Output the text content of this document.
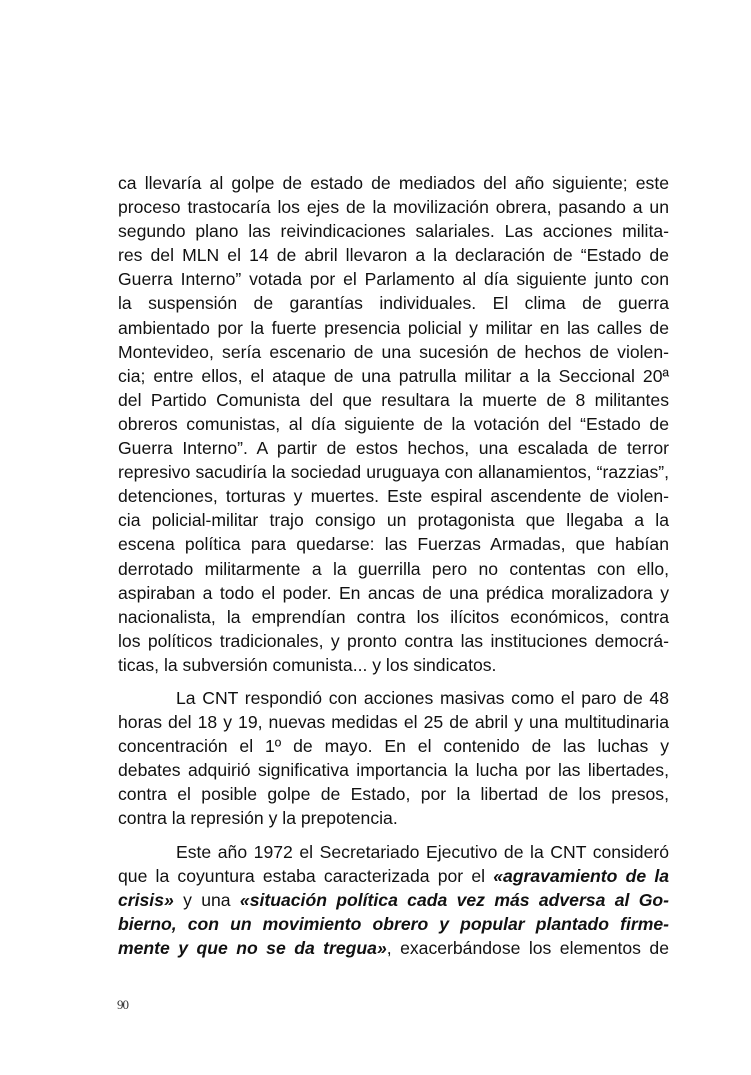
ca llevaría al golpe de estado de mediados del año siguiente; este
proceso trastocaría los ejes de la movilización obrera, pasando a un
segundo plano las reivindicaciones salariales. Las acciones milita-
res del MLN el 14 de abril llevaron a la declaración de “Estado de
Guerra Interno” votada por el Parlamento al día siguiente junto con
la suspensión de garantías individuales. El clima de guerra
ambientado por la fuerte presencia policial y militar en las calles de
Montevideo, sería escenario de una sucesión de hechos de violen-
cia; entre ellos, el ataque de una patrulla militar a la Seccional 20ª
del Partido Comunista del que resultara la muerte de 8 militantes
obreros comunistas, al día siguiente de la votación del “Estado de
Guerra Interno”. A partir de estos hechos, una escalada de terror
represivo sacudiría la sociedad uruguaya con allanamientos, “razzias”,
detenciones, torturas y muertes. Este espiral ascendente de violen-
cia policial-militar trajo consigo un protagonista que llegaba a la
escena política para quedarse: las Fuerzas Armadas, que habían
derrotado militarmente a la guerrilla pero no contentas con ello,
aspiraban a todo el poder. En ancas de una prédica moralizadora y
nacionalista, la emprendían contra los ilícitos económicos, contra
los políticos tradicionales, y pronto contra las instituciones democrá-
ticas, la subversión comunista... y los sindicatos.
La CNT respondió con acciones masivas como el paro de 48
horas del 18 y 19, nuevas medidas el 25 de abril y una multitudinaria
concentración el 1º de mayo. En el contenido de las luchas y
debates adquirió significativa importancia la lucha por las libertades,
contra el posible golpe de Estado, por la libertad de los presos,
contra la represión y la prepotencia.
Este año 1972 el Secretariado Ejecutivo de la CNT consideró
que la coyuntura estaba caracterizada por el «agravamiento de la
crisis» y una «situación política cada vez más adversa al Go-
bierno, con un movimiento obrero y popular plantado firme-
mente y que no se da tregua», exacerbándose los elementos de
90
